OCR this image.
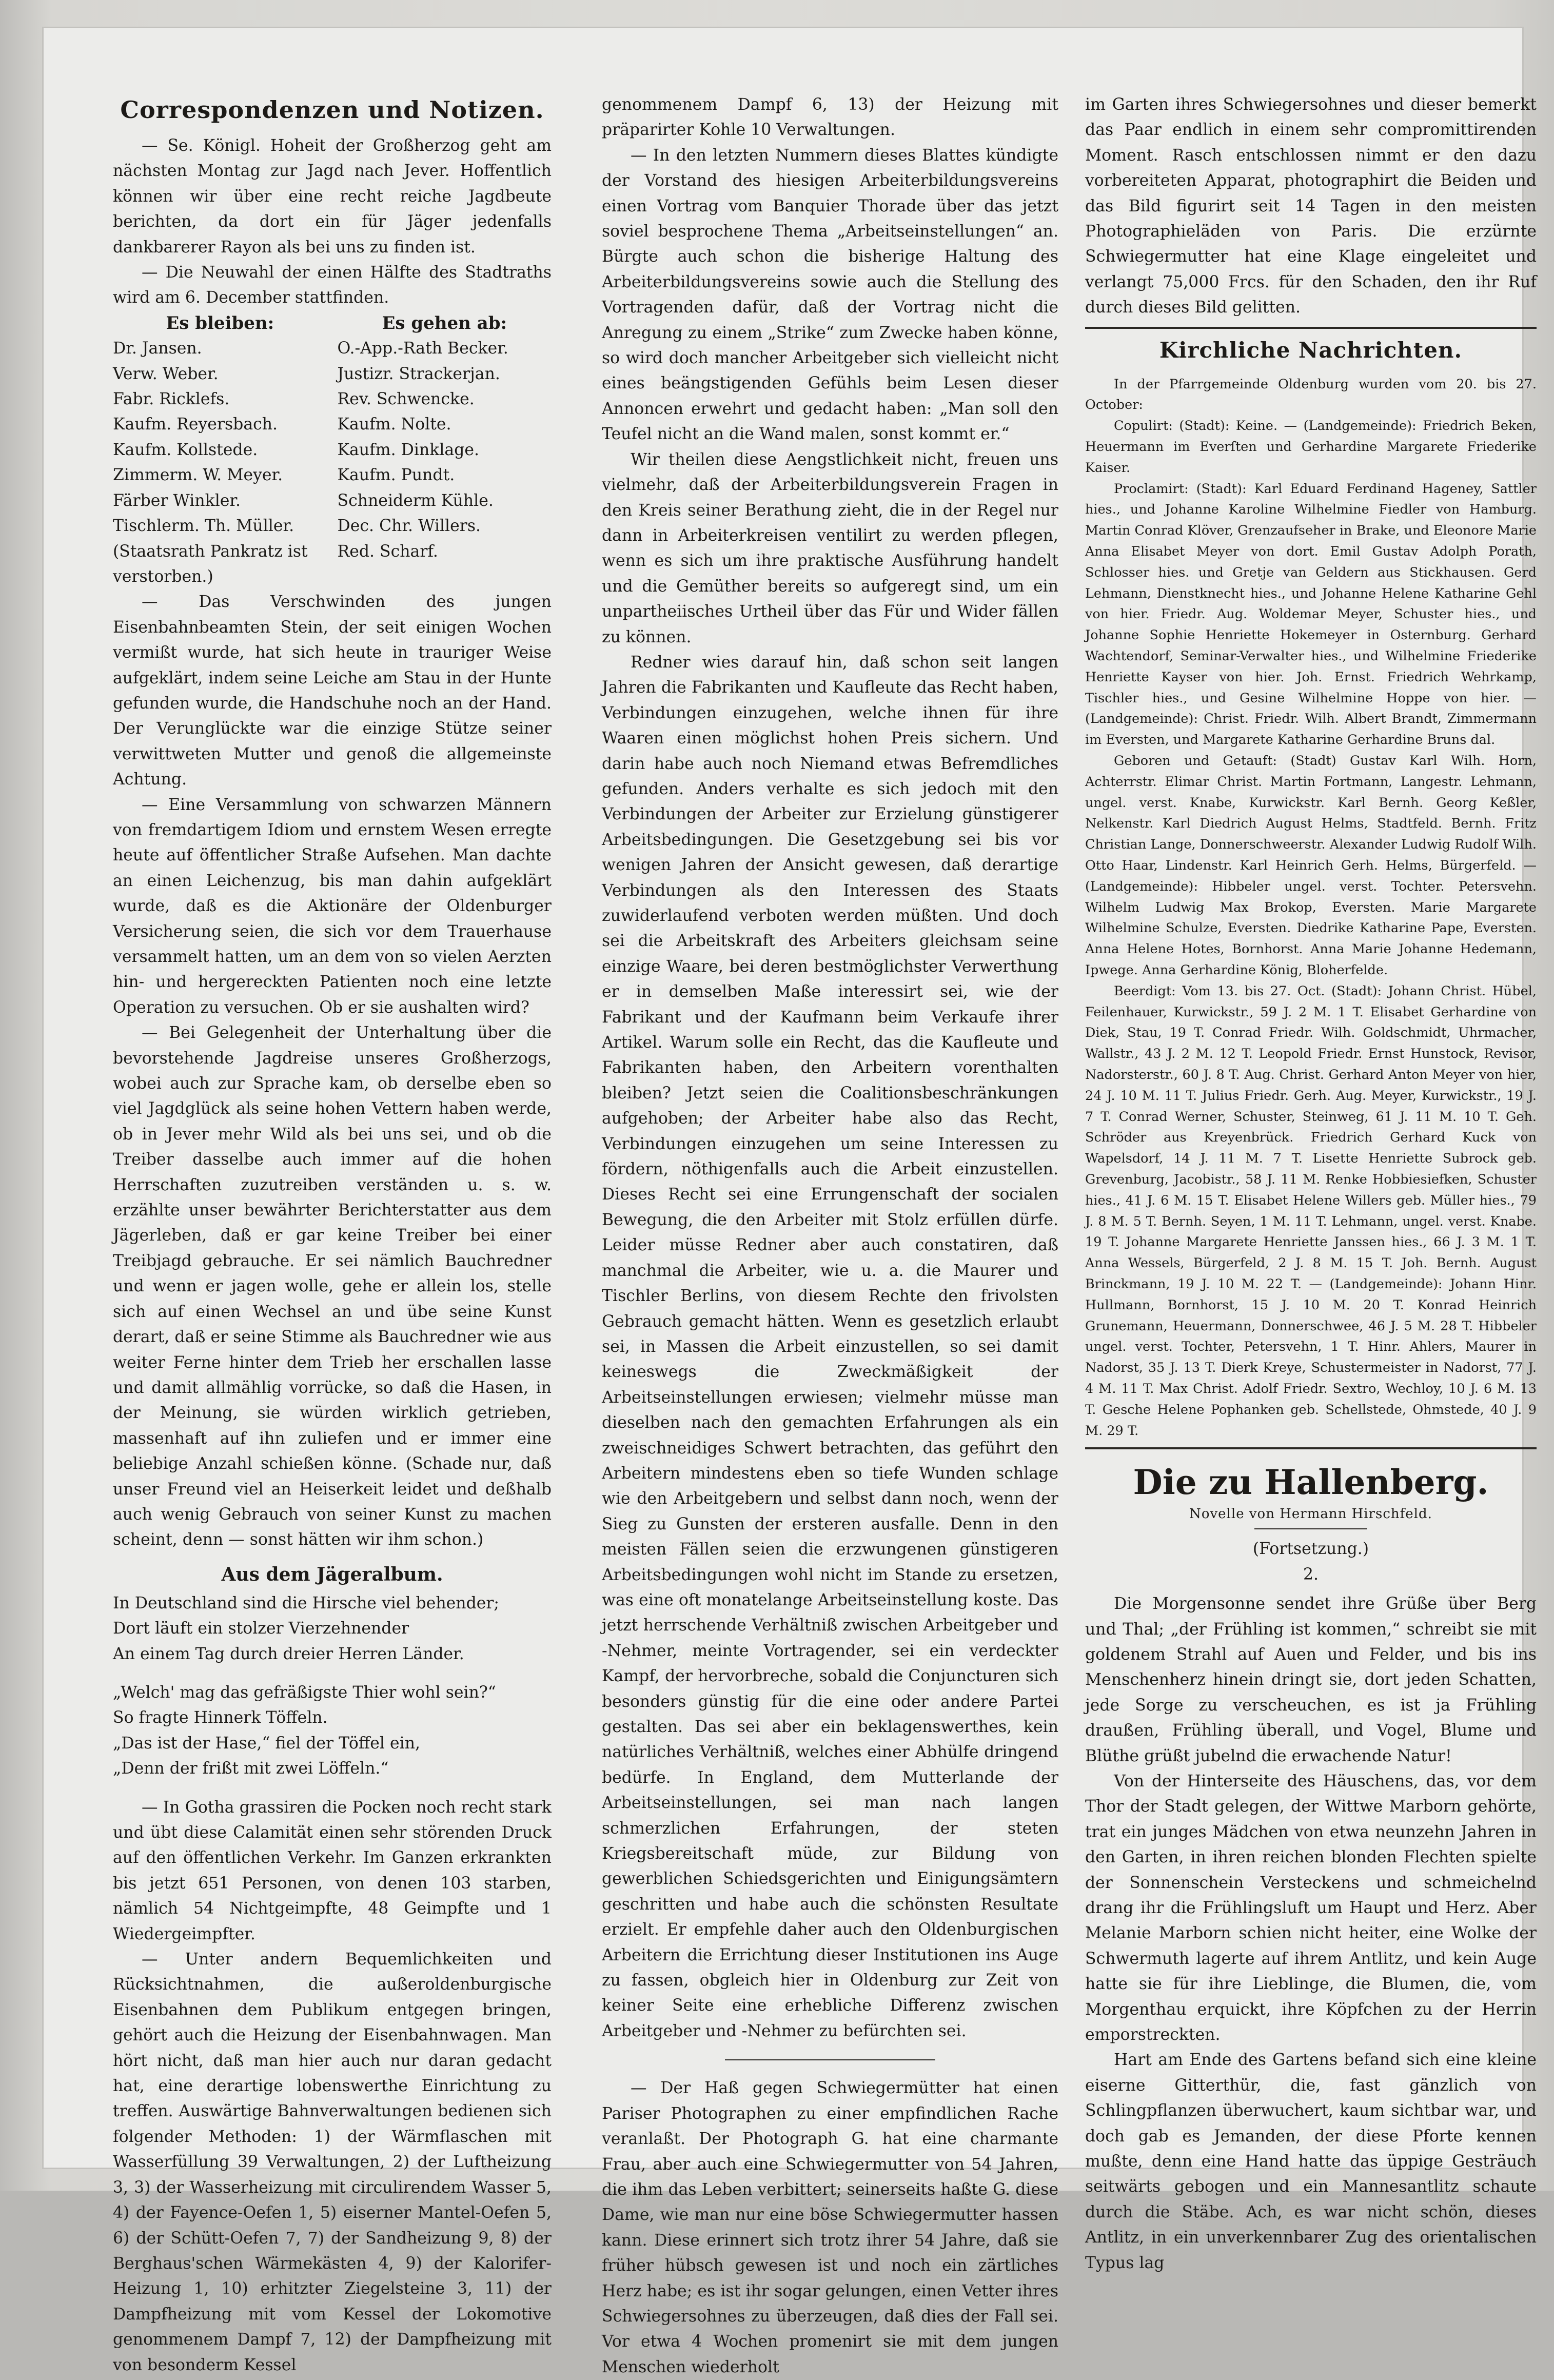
Correspondenzen und Notizen.

— Se. Königl. Hoheit der Großherzog geht am nächsten Montag zur Jagd nach Jever. Hoffentlich können wir über eine recht reiche Jagdbeute berichten, da dort ein für Jäger jedenfalls dankbarerer Rayon als bei uns zu finden ist.

— Die Neuwahl der einen Hälfte des Stadtraths wird am 6. December stattfinden.

Es bleiben:	Es gehen ab:
Dr. Jansen.	O.-App.-Rath Becker.
Verw. Weber.	Justizr. Strackerjan.
Fabr. Ricklefs.	Rev. Schwencke.
Kaufm. Reyersbach.	Kaufm. Nolte.
Kaufm. Kollstede.	Kaufm. Dinklage.
Zimmerm. W. Meyer.	Kaufm. Pundt.
Färber Winkler.	Schneiderm Kühle.
Tischlerm. Th. Müller.	Dec. Chr. Willers.
(Staatsrath Pankratz ist	Red. Scharf.

verstorben.)

— Das Verschwinden des jungen Eisenbahnbeamten Stein, der seit einigen Wochen vermißt wurde, hat sich heute in trauriger Weise aufgeklärt, indem seine Leiche am Stau in der Hunte gefunden wurde, die Handschuhe noch an der Hand. Der Verunglückte war die einzige Stütze seiner verwittweten Mutter und genoß die allgemeinste Achtung.

— Eine Versammlung von schwarzen Männern von fremdartigem Idiom und ernstem Wesen erregte heute auf öffentlicher Straße Aufsehen. Man dachte an einen Leichenzug, bis man dahin aufgeklärt wurde, daß es die Aktionäre der Oldenburger Versicherung seien, die sich vor dem Trauerhause versammelt hatten, um an dem von so vielen Aerzten hin- und hergereckten Patienten noch eine letzte Operation zu versuchen. Ob er sie aushalten wird?

— Bei Gelegenheit der Unterhaltung über die bevorstehende Jagdreise unseres Großherzogs, wobei auch zur Sprache kam, ob derselbe eben so viel Jagdglück als seine hohen Vettern haben werde, ob in Jever mehr Wild als bei uns sei, und ob die Treiber dasselbe auch immer auf die hohen Herrschaften zuzutreiben verständen u. s. w. erzählte unser bewährter Berichterstatter aus dem Jägerleben, daß er gar keine Treiber bei einer Treibjagd gebrauche. Er sei nämlich Bauchredner und wenn er jagen wolle, gehe er allein los, stelle sich auf einen Wechsel an und übe seine Kunst derart, daß er seine Stimme als Bauchredner wie aus weiter Ferne hinter dem Trieb her erschallen lasse und damit allmählig vorrücke, so daß die Hasen, in der Meinung, sie würden wirklich getrieben, massenhaft auf ihn zuliefen und er immer eine beliebige Anzahl schießen könne. (Schade nur, daß unser Freund viel an Heiserkeit leidet und deßhalb auch wenig Gebrauch von seiner Kunst zu machen scheint, denn — sonst hätten wir ihm schon.)

Aus dem Jägeralbum.
In Deutschland sind die Hirsche viel behender;
Dort läuft ein stolzer Vierzehnender
An einem Tag durch dreier Herren Länder.
„Welch' mag das gefräßigste Thier wohl sein?“
So fragte Hinnerk Töffeln.
„Das ist der Hase,“ fiel der Töffel ein,
„Denn der frißt mit zwei Löffeln.“

— In Gotha grassiren die Pocken noch recht stark und übt diese Calamität einen sehr störenden Druck auf den öffentlichen Verkehr. Im Ganzen erkrankten bis jetzt 651 Personen, von denen 103 starben, nämlich 54 Nichtgeimpfte, 48 Geimpfte und 1 Wiedergeimpfter.

— Unter andern Bequemlichkeiten und Rücksichtnahmen, die außeroldenburgische Eisenbahnen dem Publikum entgegen bringen, gehört auch die Heizung der Eisenbahnwagen. Man hört nicht, daß man hier auch nur daran gedacht hat, eine derartige lobenswerthe Einrichtung zu treffen. Auswärtige Bahnverwaltungen bedienen sich folgender Methoden: 1) der Wärmflaschen mit Wasserfüllung 39 Verwaltungen, 2) der Luftheizung 3, 3) der Wasserheizung mit circulirendem Wasser 5, 4) der Fayence-Oefen 1, 5) eiserner Mantel-Oefen 5, 6) der Schütt-Oefen 7, 7) der Sandheizung 9, 8) der Berghaus'schen Wärmekästen 4, 9) der Kalorifer-Heizung 1, 10) erhitzter Ziegelsteine 3, 11) der Dampfheizung mit vom Kessel der Lokomotive genommenem Dampf 7, 12) der Dampfheizung mit von besonderm Kessel

genommenem Dampf 6, 13) der Heizung mit präparirter Kohle 10 Verwaltungen.

— In den letzten Nummern dieses Blattes kündigte der Vorstand des hiesigen Arbeiterbildungsvereins einen Vortrag vom Banquier Thorade über das jetzt soviel besprochene Thema „Arbeitseinstellungen“ an. Bürgte auch schon die bisherige Haltung des Arbeiterbildungsvereins sowie auch die Stellung des Vortragenden dafür, daß der Vortrag nicht die Anregung zu einem „Strike“ zum Zwecke haben könne, so wird doch mancher Arbeitgeber sich vielleicht nicht eines beängstigenden Gefühls beim Lesen dieser Annoncen erwehrt und gedacht haben: „Man soll den Teufel nicht an die Wand malen, sonst kommt er.“

Wir theilen diese Aengstlichkeit nicht, freuen uns vielmehr, daß der Arbeiterbildungsverein Fragen in den Kreis seiner Berathung zieht, die in der Regel nur dann in Arbeiterkreisen ventilirt zu werden pflegen, wenn es sich um ihre praktische Ausführung handelt und die Gemüther bereits so aufgeregt sind, um ein unpartheiisches Urtheil über das Für und Wider fällen zu können.

Redner wies darauf hin, daß schon seit langen Jahren die Fabrikanten und Kaufleute das Recht haben, Verbindungen einzugehen, welche ihnen für ihre Waaren einen möglichst hohen Preis sichern. Und darin habe auch noch Niemand etwas Befremdliches gefunden. Anders verhalte es sich jedoch mit den Verbindungen der Arbeiter zur Erzielung günstigerer Arbeitsbedingungen. Die Gesetzgebung sei bis vor wenigen Jahren der Ansicht gewesen, daß derartige Verbindungen als den Interessen des Staats zuwiderlaufend verboten werden müßten. Und doch sei die Arbeitskraft des Arbeiters gleichsam seine einzige Waare, bei deren bestmöglichster Verwerthung er in demselben Maße interessirt sei, wie der Fabrikant und der Kaufmann beim Verkaufe ihrer Artikel. Warum solle ein Recht, das die Kaufleute und Fabrikanten haben, den Arbeitern vorenthalten bleiben? Jetzt seien die Coalitionsbeschränkungen aufgehoben; der Arbeiter habe also das Recht, Verbindungen einzugehen um seine Interessen zu fördern, nöthigenfalls auch die Arbeit einzustellen. Dieses Recht sei eine Errungenschaft der socialen Bewegung, die den Arbeiter mit Stolz erfüllen dürfe. Leider müsse Redner aber auch constatiren, daß manchmal die Arbeiter, wie u. a. die Maurer und Tischler Berlins, von diesem Rechte den frivolsten Gebrauch gemacht hätten. Wenn es gesetzlich erlaubt sei, in Massen die Arbeit einzustellen, so sei damit keineswegs die Zweckmäßigkeit der Arbeitseinstellungen erwiesen; vielmehr müsse man dieselben nach den gemachten Erfahrungen als ein zweischneidiges Schwert betrachten, das geführt den Arbeitern mindestens eben so tiefe Wunden schlage wie den Arbeitgebern und selbst dann noch, wenn der Sieg zu Gunsten der ersteren ausfalle. Denn in den meisten Fällen seien die erzwungenen günstigeren Arbeitsbedingungen wohl nicht im Stande zu ersetzen, was eine oft monatelange Arbeitseinstellung koste. Das jetzt herrschende Verhältniß zwischen Arbeitgeber und -Nehmer, meinte Vortragender, sei ein verdeckter Kampf, der hervorbreche, sobald die Conjuncturen sich besonders günstig für die eine oder andere Partei gestalten. Das sei aber ein beklagenswerthes, kein natürliches Verhältniß, welches einer Abhülfe dringend bedürfe. In England, dem Mutterlande der Arbeitseinstellungen, sei man nach langen schmerzlichen Erfahrungen, der steten Kriegsbereitschaft müde, zur Bildung von gewerblichen Schiedsgerichten und Einigungsämtern geschritten und habe auch die schönsten Resultate erzielt. Er empfehle daher auch den Oldenburgischen Arbeitern die Errichtung dieser Institutionen ins Auge zu fassen, obgleich hier in Oldenburg zur Zeit von keiner Seite eine erhebliche Differenz zwischen Arbeitgeber und -Nehmer zu befürchten sei.

— Der Haß gegen Schwiegermütter hat einen Pariser Photographen zu einer empfindlichen Rache veranlaßt. Der Photograph G. hat eine charmante Frau, aber auch eine Schwiegermutter von 54 Jahren, die ihm das Leben verbittert; seinerseits haßte G. diese Dame, wie man nur eine böse Schwiegermutter hassen kann. Diese erinnert sich trotz ihrer 54 Jahre, daß sie früher hübsch gewesen ist und noch ein zärtliches Herz habe; es ist ihr sogar gelungen, einen Vetter ihres Schwiegersohnes zu überzeugen, daß dies der Fall sei. Vor etwa 4 Wochen promenirt sie mit dem jungen Menschen wiederholt

im Garten ihres Schwiegersohnes und dieser bemerkt das Paar endlich in einem sehr compromittirenden Moment. Rasch entschlossen nimmt er den dazu vorbereiteten Apparat, photographirt die Beiden und das Bild figurirt seit 14 Tagen in den meisten Photographieläden von Paris. Die erzürnte Schwiegermutter hat eine Klage eingeleitet und verlangt 75,000 Frcs. für den Schaden, den ihr Ruf durch dieses Bild gelitten.

Kirchliche Nachrichten.

In der Pfarrgemeinde Oldenburg wurden vom 20. bis 27. October:

Copulirt: (Stadt): Keine. — (Landgemeinde): Friedrich Beken, Heuermann im Everſten und Gerhardine Margarete Friederike Kaiser.

Proclamirt: (Stadt): Karl Eduard Ferdinand Hageney, Sattler hies., und Johanne Karoline Wilhelmine Fiedler von Hamburg. Martin Conrad Klöver, Grenzaufseher in Brake, und Eleonore Marie Anna Elisabet Meyer von dort. Emil Gustav Adolph Porath, Schlosser hies. und Gretje van Geldern aus Stickhausen. Gerd Lehmann, Dienstknecht hies., und Johanne Helene Katharine Gehl von hier. Friedr. Aug. Woldemar Meyer, Schuster hies., und Johanne Sophie Henriette Hokemeyer in Osternburg. Gerhard Wachtendorf, Seminar-Verwalter hies., und Wilhelmine Friederike Henriette Kayser von hier. Joh. Ernst. Friedrich Wehrkamp, Tischler hies., und Gesine Wilhelmine Hoppe von hier. — (Landgemeinde): Christ. Friedr. Wilh. Albert Brandt, Zimmermann im Eversten, und Margarete Katharine Gerhardine Bruns dal.

Geboren und Getauft: (Stadt) Gustav Karl Wilh. Horn, Achterrstr. Elimar Christ. Martin Fortmann, Langestr. Lehmann, ungel. verst. Knabe, Kurwickstr. Karl Bernh. Georg Keßler, Nelkenstr. Karl Diedrich August Helms, Stadtfeld. Bernh. Fritz Christian Lange, Donnerschweerstr. Alexander Ludwig Rudolf Wilh. Otto Haar, Lindenstr. Karl Heinrich Gerh. Helms, Bürgerfeld. — (Landgemeinde): Hibbeler ungel. verst. Tochter. Petersvehn. Wilhelm Ludwig Max Brokop, Eversten. Marie Margarete Wilhelmine Schulze, Eversten. Diedrike Katharine Pape, Eversten. Anna Helene Hotes, Bornhorst. Anna Marie Johanne Hedemann, Ipwege. Anna Gerhardine König, Bloherfelde.

Beerdigt: Vom 13. bis 27. Oct. (Stadt): Johann Christ. Hübel, Feilenhauer, Kurwickstr., 59 J. 2 M. 1 T. Elisabet Gerhardine von Diek, Stau, 19 T. Conrad Friedr. Wilh. Goldschmidt, Uhrmacher, Wallstr., 43 J. 2 M. 12 T. Leopold Friedr. Ernst Hunstock, Revisor, Nadorsterstr., 60 J. 8 T. Aug. Christ. Gerhard Anton Meyer von hier, 24 J. 10 M. 11 T. Julius Friedr. Gerh. Aug. Meyer, Kurwickstr., 19 J. 7 T. Conrad Werner, Schuster, Steinweg, 61 J. 11 M. 10 T. Geh. Schröder aus Kreyenbrück. Friedrich Gerhard Kuck von Wapelsdorf, 14 J. 11 M. 7 T. Lisette Henriette Subrock geb. Grevenburg, Jacobistr., 58 J. 11 M. Renke Hobbiesiefken, Schuster hies., 41 J. 6 M. 15 T. Elisabet Helene Willers geb. Müller hies., 79 J. 8 M. 5 T. Bernh. Seyen, 1 M. 11 T. Lehmann, ungel. verst. Knabe. 19 T. Johanne Margarete Henriette Janssen hies., 66 J. 3 M. 1 T. Anna Wessels, Bürgerfeld, 2 J. 8 M. 15 T. Joh. Bernh. August Brinckmann, 19 J. 10 M. 22 T. — (Landgemeinde): Johann Hinr. Hullmann, Bornhorst, 15 J. 10 M. 20 T. Konrad Heinrich Grunemann, Heuermann, Donnerschwee, 46 J. 5 M. 28 T. Hibbeler ungel. verst. Tochter, Petersvehn, 1 T. Hinr. Ahlers, Maurer in Nadorst, 35 J. 13 T. Dierk Kreye, Schustermeister in Nadorst, 77 J. 4 M. 11 T. Max Christ. Adolf Friedr. Sextro, Wechloy, 10 J. 6 M. 13 T. Gesche Helene Pophanken geb. Schellstede, Ohmstede, 40 J. 9 M. 29 T.

Die zu Hallenberg.
Novelle von Hermann Hirschfeld.
(Fortsetzung.)
2.

Die Morgensonne sendet ihre Grüße über Berg und Thal; „der Frühling ist kommen,“ schreibt sie mit goldenem Strahl auf Auen und Felder, und bis ins Menschenherz hinein dringt sie, dort jeden Schatten, jede Sorge zu verscheuchen, es ist ja Frühling draußen, Frühling überall, und Vogel, Blume und Blüthe grüßt jubelnd die erwachende Natur!

Von der Hinterseite des Häuschens, das, vor dem Thor der Stadt gelegen, der Wittwe Marborn gehörte, trat ein junges Mädchen von etwa neunzehn Jahren in den Garten, in ihren reichen blonden Flechten spielte der Sonnenschein Versteckens und schmeichelnd drang ihr die Frühlingsluft um Haupt und Herz. Aber Melanie Marborn schien nicht heiter, eine Wolke der Schwermuth lagerte auf ihrem Antlitz, und kein Auge hatte sie für ihre Lieblinge, die Blumen, die, vom Morgenthau erquickt, ihre Köpfchen zu der Herrin emporstreckten.

Hart am Ende des Gartens befand sich eine kleine eiserne Gitterthür, die, fast gänzlich von Schlingpflanzen überwuchert, kaum sichtbar war, und doch gab es Jemanden, der diese Pforte kennen mußte, denn eine Hand hatte das üppige Gesträuch seitwärts gebogen und ein Mannesantlitz schaute durch die Stäbe. Ach, es war nicht schön, dieses Antlitz, in ein unverkennbarer Zug des orientalischen Typus lag
